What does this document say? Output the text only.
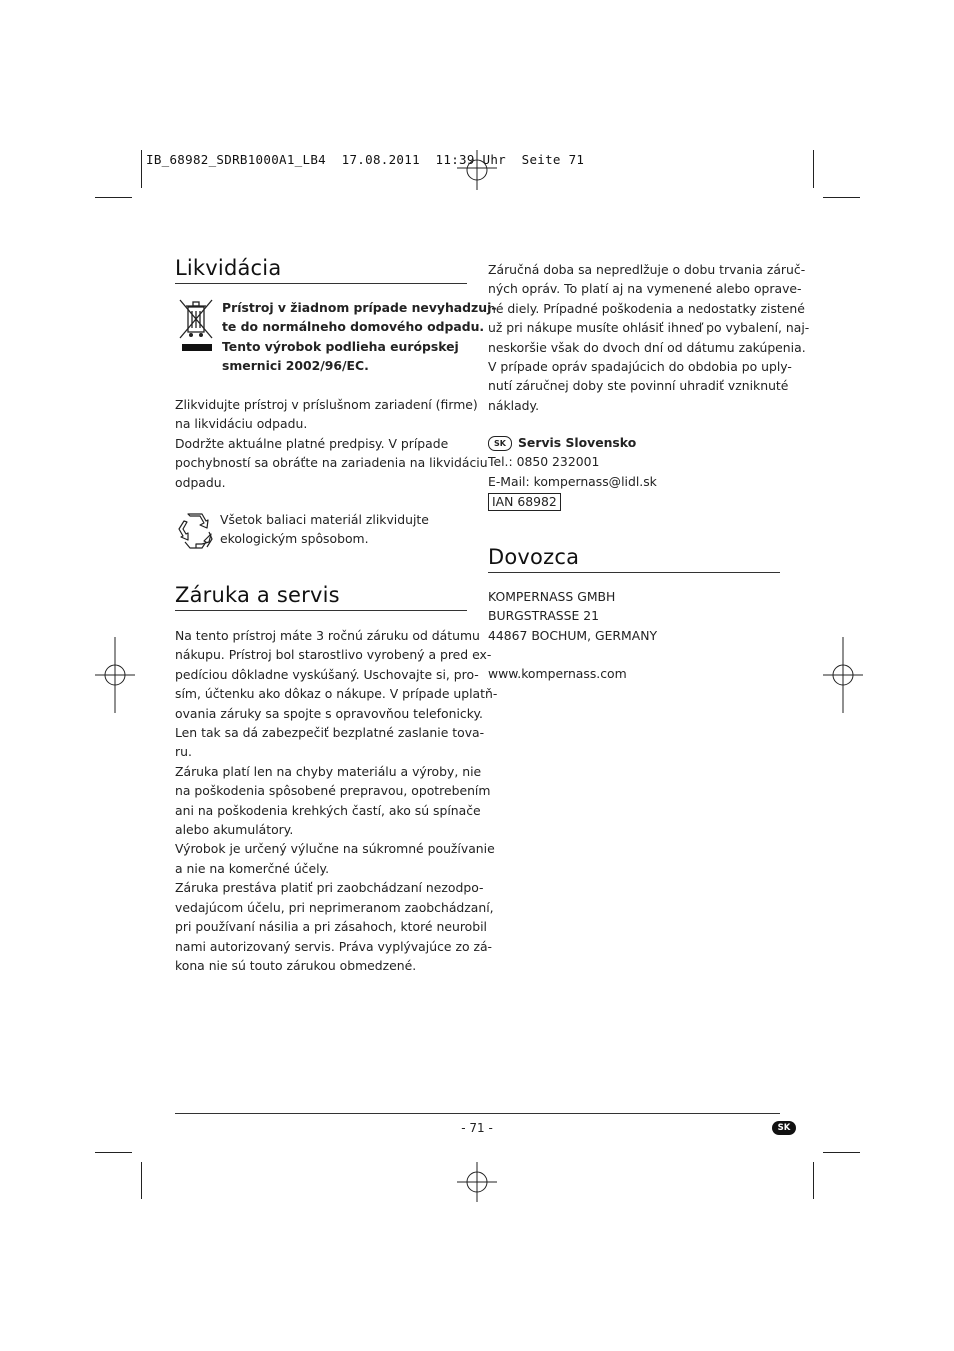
IB_68982_SDRB1000A1_LB4  17.08.2011  11:39 Uhr  Seite 71
Likvidácia

Prístroj v žiadnom prípade nevyhadzuj-

te do normálneho domového odpadu.

Tento výrobok podlieha európskej

smernici 2002/96/EC.

Zlikvidujte prístroj v príslušnom zariadení (firme)

na likvidáciu odpadu.

Dodržte aktuálne platné predpisy. V prípade

pochybností sa obráťte na zariadenia na likvidáciu

odpadu.

Všetok baliaci materiál zlikvidujte

ekologickým spôsobom.

Záruka a servis

Na tento prístroj máte 3 ročnú záruku od dátumu

nákupu. Prístroj bol starostlivo vyrobený a pred ex-

pedíciou dôkladne vyskúšaný. Uschovajte si, pro-

sím, účtenku ako dôkaz o nákupe. V prípade uplatň-

ovania záruky sa spojte s opravovňou telefonicky.

Len tak sa dá zabezpečiť bezplatné zaslanie tova-

ru.

Záruka platí len na chyby materiálu a výroby, nie

na poškodenia spôsobené prepravou, opotrebením

ani na poškodenia krehkých častí, ako sú spínače

alebo akumulátory.

Výrobok je určený výlučne na súkromné používanie

a nie na komerčné účely.

Záruka prestáva platiť pri zaobchádzaní nezodpo-

vedajúcom účelu, pri neprimeranom zaobchádzaní,

pri používaní násilia a pri zásahoch, ktoré neurobil

nami autorizovaný servis. Práva vyplývajúce zo zá-

kona nie sú touto zárukou obmedzené.

Záručná doba sa nepredlžuje o dobu trvania záruč-

ných opráv. To platí aj na vymenené alebo oprave-

né diely. Prípadné poškodenia a nedostatky zistené

už pri nákupe musíte ohlásiť ihneď po vybalení, naj-

neskoršie však do dvoch dní od dátumu zakúpenia.

V prípade opráv spadajúcich do obdobia po uply-

nutí záručnej doby ste povinní uhradiť vzniknuté

náklady.

SK Servis Slovensko

Tel.: 0850 232001

E-Mail: kompernass@lidl.sk

IAN 68982

Dovozca

KOMPERNASS GMBH

BURGSTRASSE 21

44867 BOCHUM, GERMANY

www.kompernass.com

- 71 -	SK
